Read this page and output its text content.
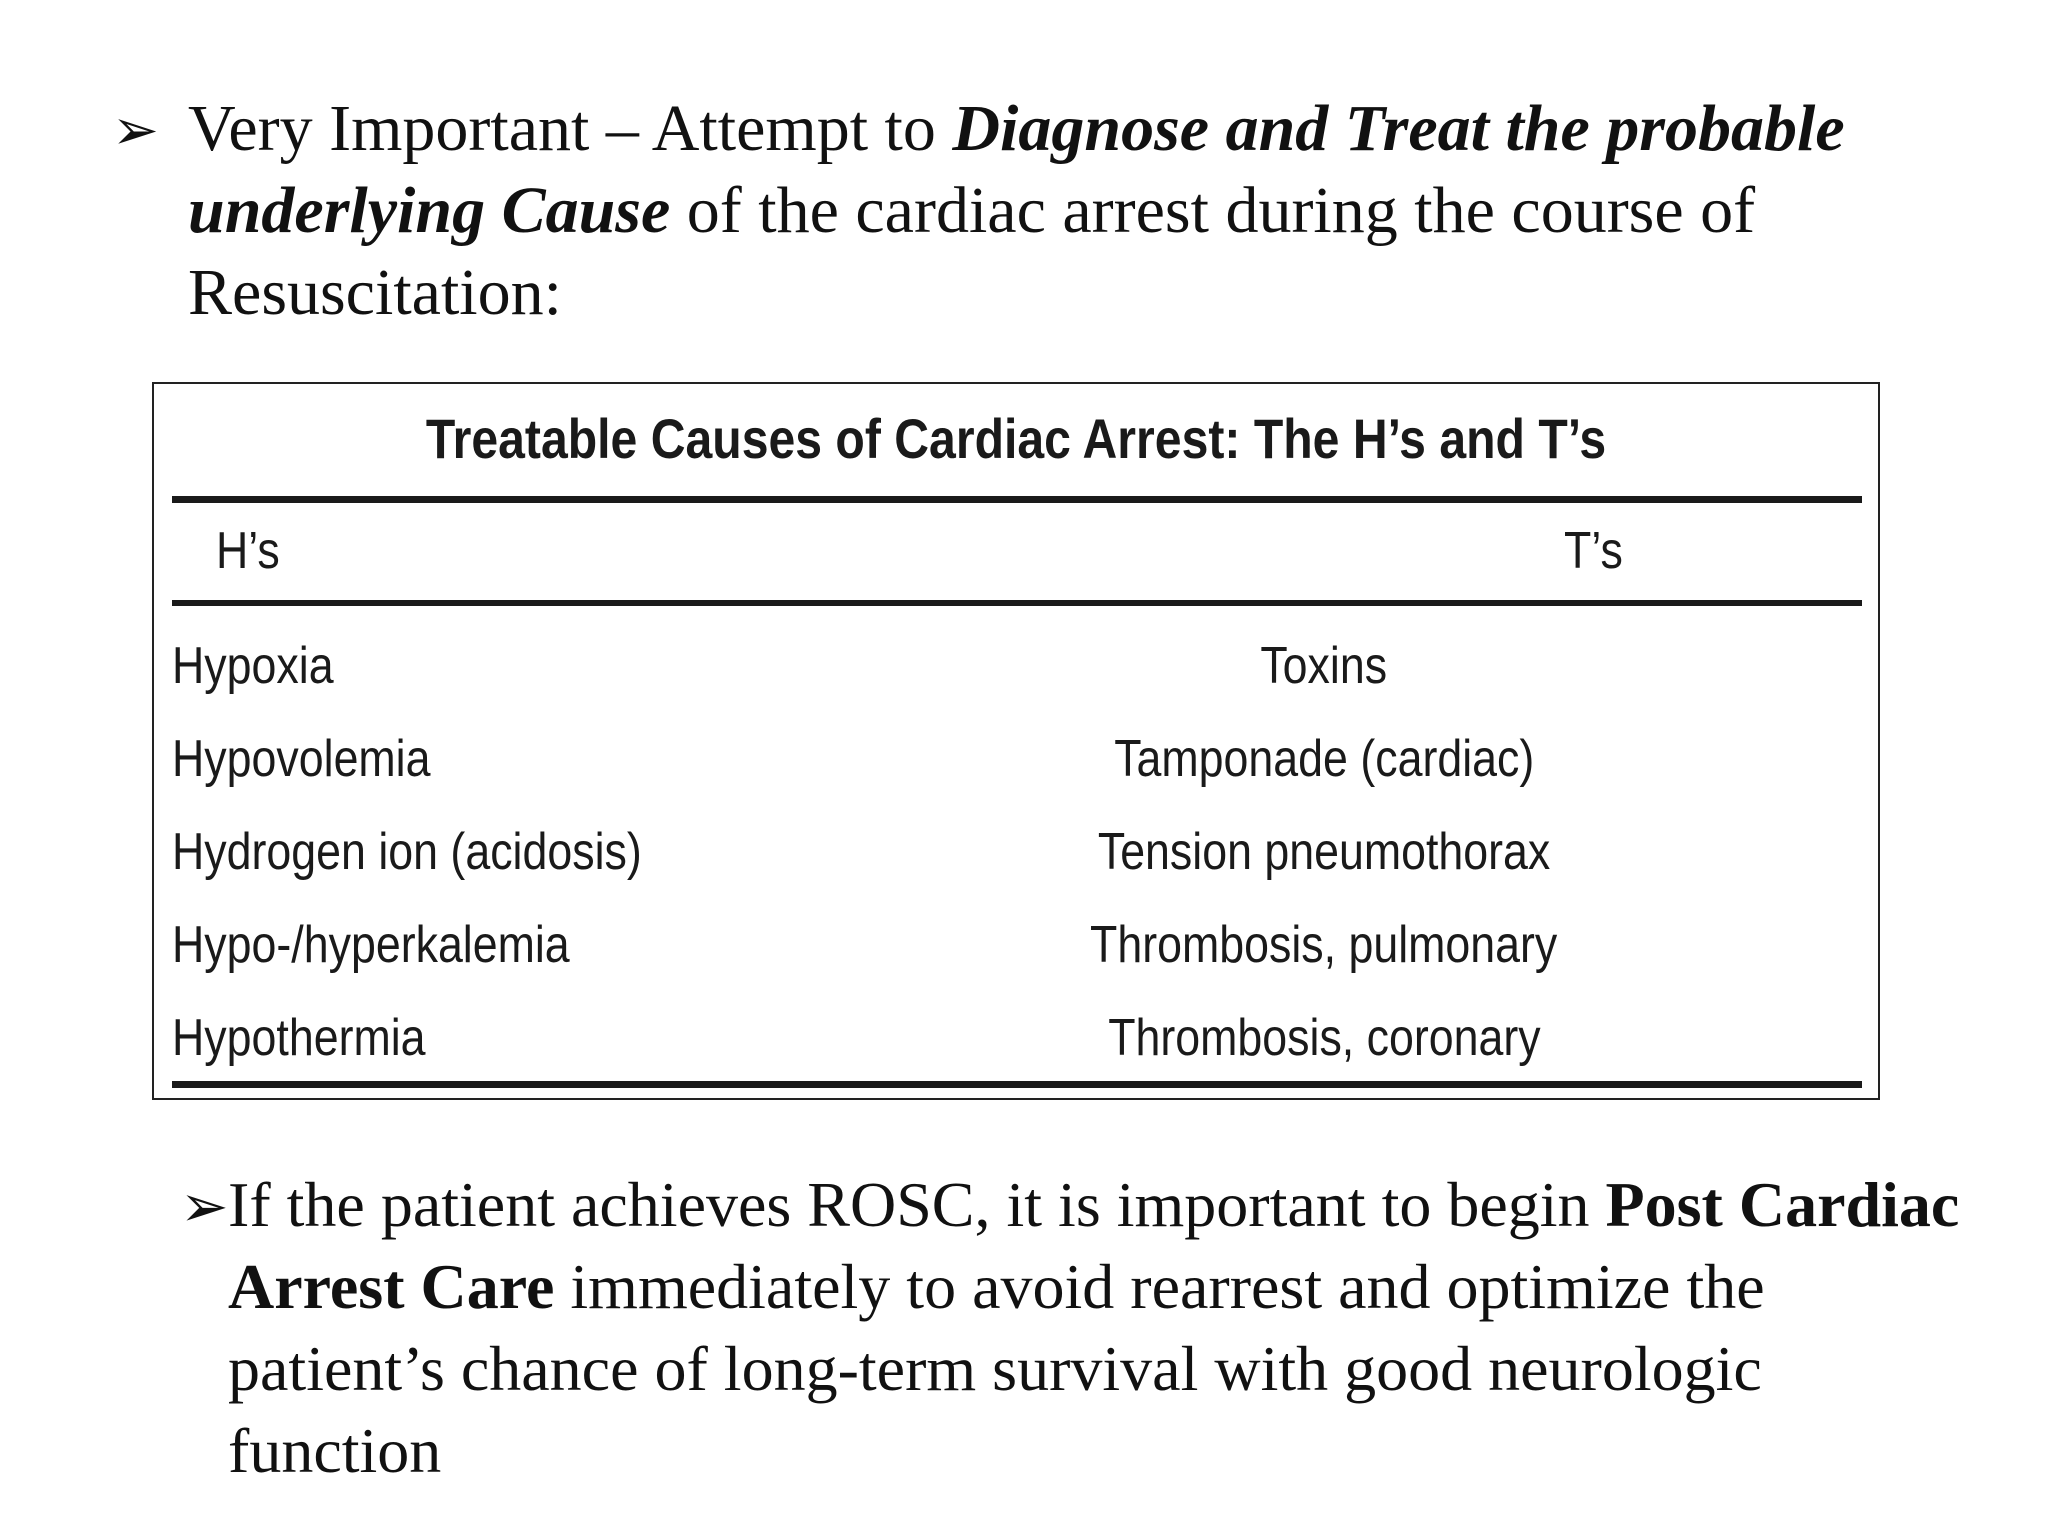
➢ Very Important – Attempt to Diagnose and Treat the probable underlying Cause of the cardiac arrest during the course of Resuscitation:
Treatable Causes of Cardiac Arrest: The H’s and T’s
H’s	T’s
Hypoxia	Toxins
Hypovolemia	Tamponade (cardiac)
Hydrogen ion (acidosis)	Tension pneumothorax
Hypo-/hyperkalemia	Thrombosis, pulmonary
Hypothermia	Thrombosis, coronary
➢ If the patient achieves ROSC, it is important to begin Post Cardiac Arrest Care immediately to avoid rearrest and optimize the patient’s chance of long-term survival with good neurologic function
